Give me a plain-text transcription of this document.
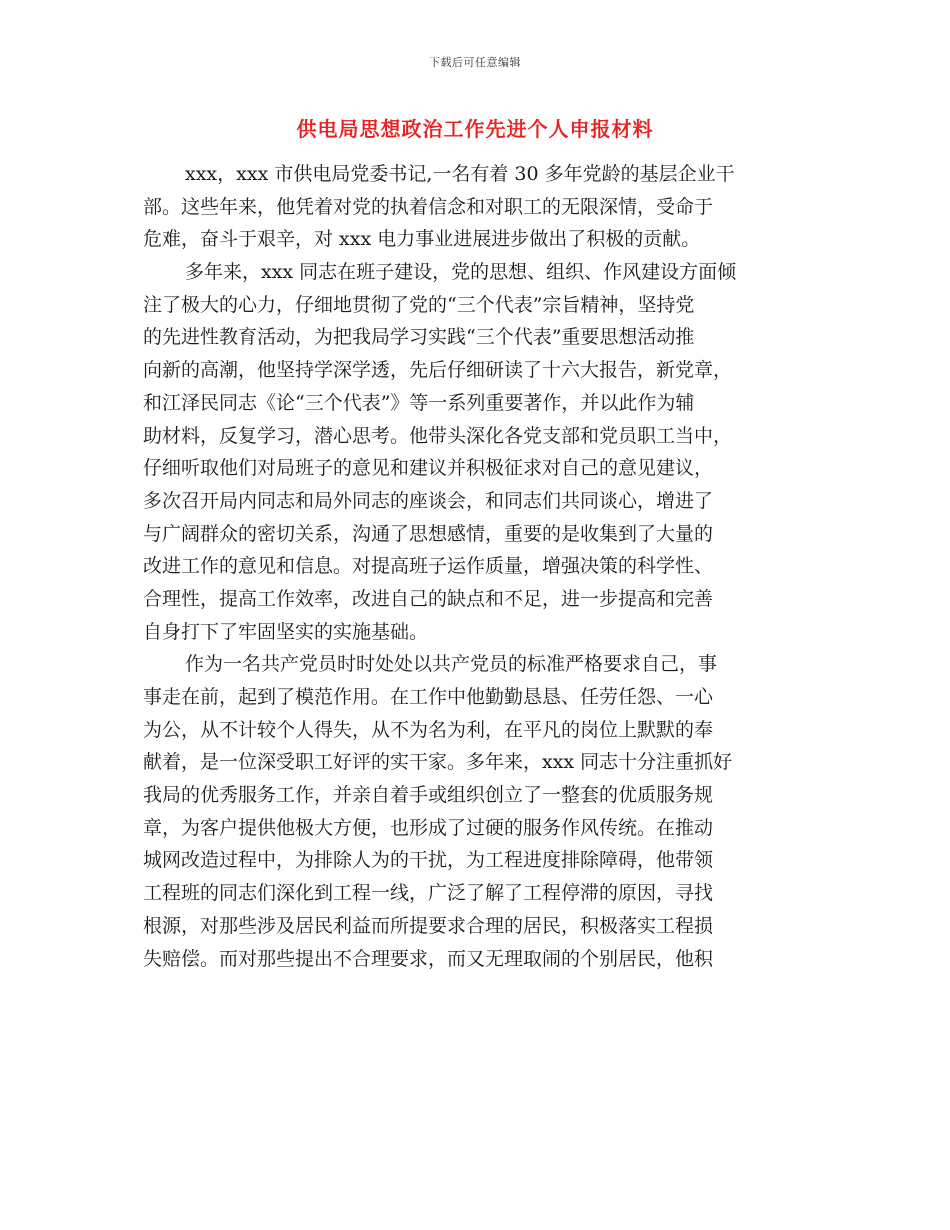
下载后可任意编辑
供电局思想政治工作先进个人申报材料
xxx，xxx 市供电局党委书记,一名有着 30 多年党龄的基层企业干
部。这些年来，他凭着对党的执着信念和对职工的无限深情，受命于
危难，奋斗于艰辛，对 xxx 电力事业进展进步做出了积极的贡献。
多年来，xxx 同志在班子建设，党的思想、组织、作风建设方面倾
注了极大的心力，仔细地贯彻了党的“三个代表”宗旨精神，坚持党
的先进性教育活动，为把我局学习实践“三个代表”重要思想活动推
向新的高潮，他坚持学深学透，先后仔细研读了十六大报告，新党章，
和江泽民同志《论“三个代表”》等一系列重要著作，并以此作为辅
助材料，反复学习，潜心思考。他带头深化各党支部和党员职工当中，
仔细听取他们对局班子的意见和建议并积极征求对自己的意见建议，
多次召开局内同志和局外同志的座谈会，和同志们共同谈心，增进了
与广阔群众的密切关系，沟通了思想感情，重要的是收集到了大量的
改进工作的意见和信息。对提高班子运作质量，增强决策的科学性、
合理性，提高工作效率，改进自己的缺点和不足，进一步提高和完善
自身打下了牢固坚实的实施基础。
作为一名共产党员时时处处以共产党员的标准严格要求自己，事
事走在前，起到了模范作用。在工作中他勤勤恳恳、任劳任怨、一心
为公，从不计较个人得失，从不为名为利，在平凡的岗位上默默的奉
献着，是一位深受职工好评的实干家。多年来，xxx 同志十分注重抓好
我局的优秀服务工作，并亲自着手或组织创立了一整套的优质服务规
章，为客户提供他极大方便，也形成了过硬的服务作风传统。在推动
城网改造过程中，为排除人为的干扰，为工程进度排除障碍，他带领
工程班的同志们深化到工程一线，广泛了解了工程停滞的原因，寻找
根源，对那些涉及居民利益而所提要求合理的居民，积极落实工程损
失赔偿。而对那些提出不合理要求，而又无理取闹的个别居民，他积
